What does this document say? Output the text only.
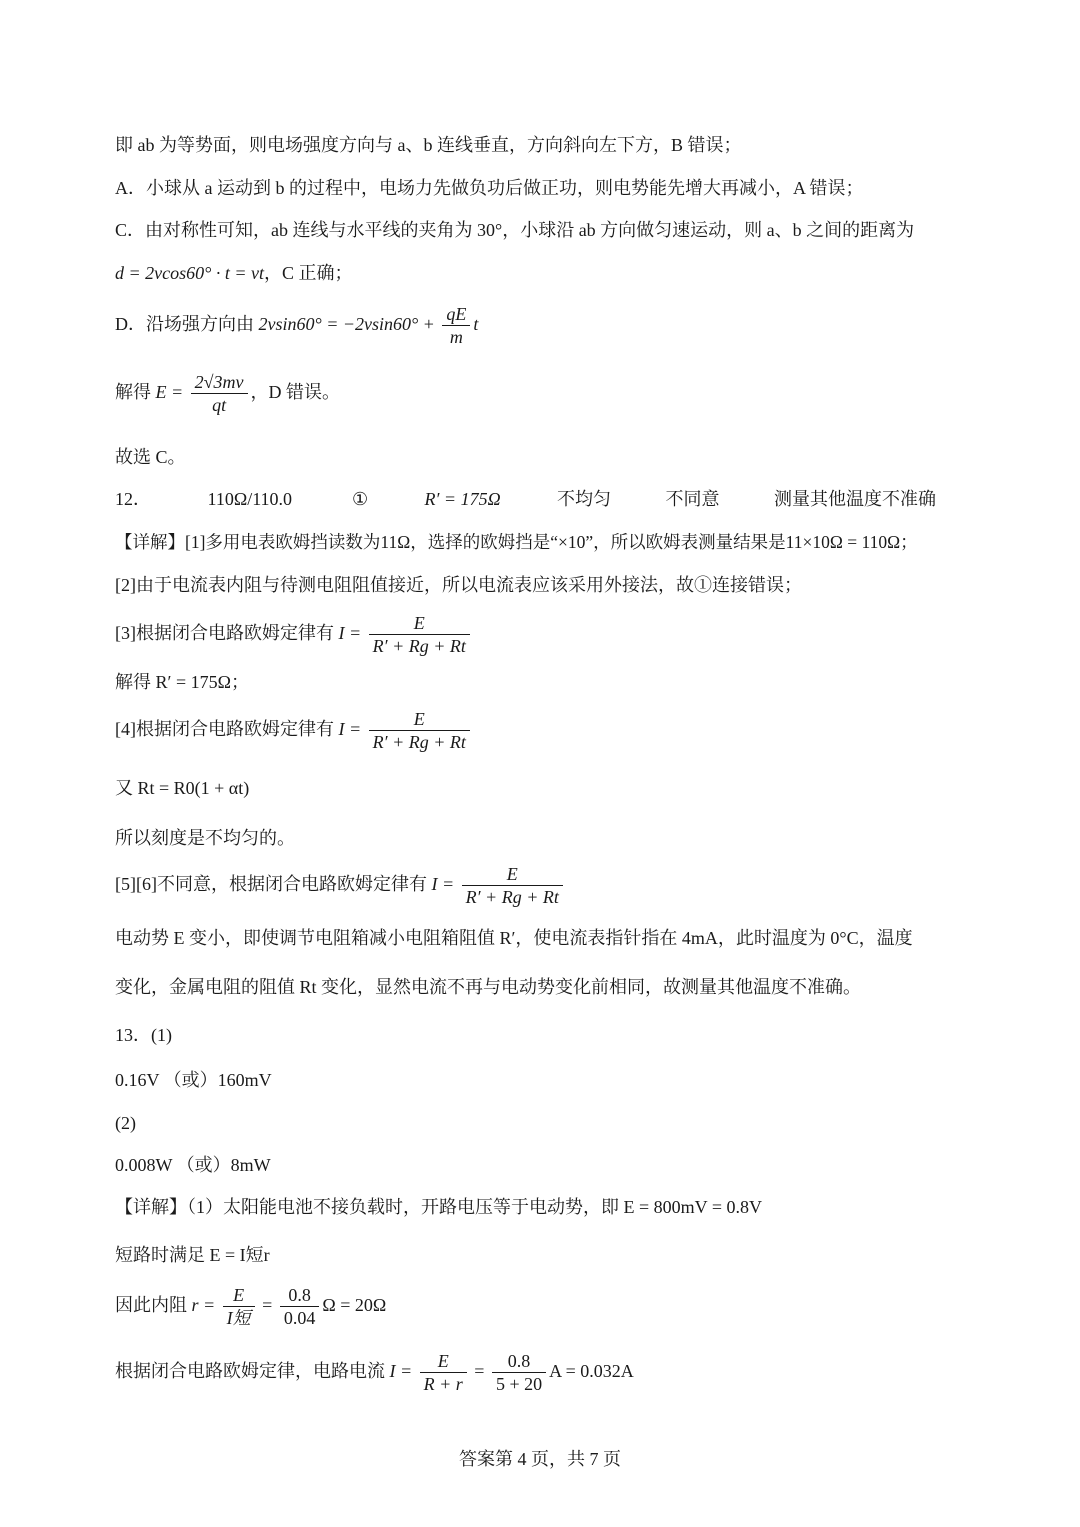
即 ab 为等势面，则电场强度方向与 a、b 连线垂直，方向斜向左下方，B 错误；
A．小球从 a 运动到 b 的过程中，电场力先做负功后做正功，则电势能先增大再减小，A 错误；
C．由对称性可知，ab 连线与水平线的夹角为 30°，小球沿 ab 方向做匀速运动，则 a、b 之间的距离为
d = 2vcos60° · t = vt，C 正确；
D．沿场强方向由 $2vsin60^\circ = -2vsin60^\circ + \frac{qE}{m}$ t
解得 $E = \frac{2√3mv}{qt}$ ，D 错误。
故选 C。
12．	110Ω/110.0	①	R′ = 175Ω	不均匀	不同意	测量其他温度不准确
【详解】[1]多用电表欧姆挡读数为11Ω，选择的欧姆挡是“×10”，所以欧姆表测量结果是11×10Ω = 110Ω；
[2]由于电流表内阻与待测电阻阻值接近，所以电流表应该采用外接法，故①连接错误；
[3]根据闭合电路欧姆定律有 $I = \frac{E}{R' + Rg + Rt}$
解得 R′ = 175Ω；
[4]根据闭合电路欧姆定律有 $I = \frac{E}{R' + Rg + Rt}$
又 Rt = R0(1 + αt)
所以刻度是不均匀的。
[5][6]不同意，根据闭合电路欧姆定律有 $I = \frac{E}{R' + Rg + Rt}$
电动势 E 变小，即使调节电阻箱减小电阻箱阻值 R′，使电流表指针指在 4mA，此时温度为 0°C，温度
变化，金属电阻的阻值 Rt 变化，显然电流不再与电动势变化前相同，故测量其他温度不准确。
13．(1)
0.16V （或）160mV
(2)
0.008W （或）8mW
【详解】（1）太阳能电池不接负载时，开路电压等于电动势，即 E = 800mV = 0.8V
短路时满足 E = I短r
因此内阻 $r = \frac{E}{\text{I短}} = \frac{0.8}{0.04}$ Ω = 20Ω
根据闭合电路欧姆定律，电路电流 $I = \frac{E}{R + r} = \frac{0.8}{5 + 20}$ A = 0.032A
答案第 4 页，共 7 页
